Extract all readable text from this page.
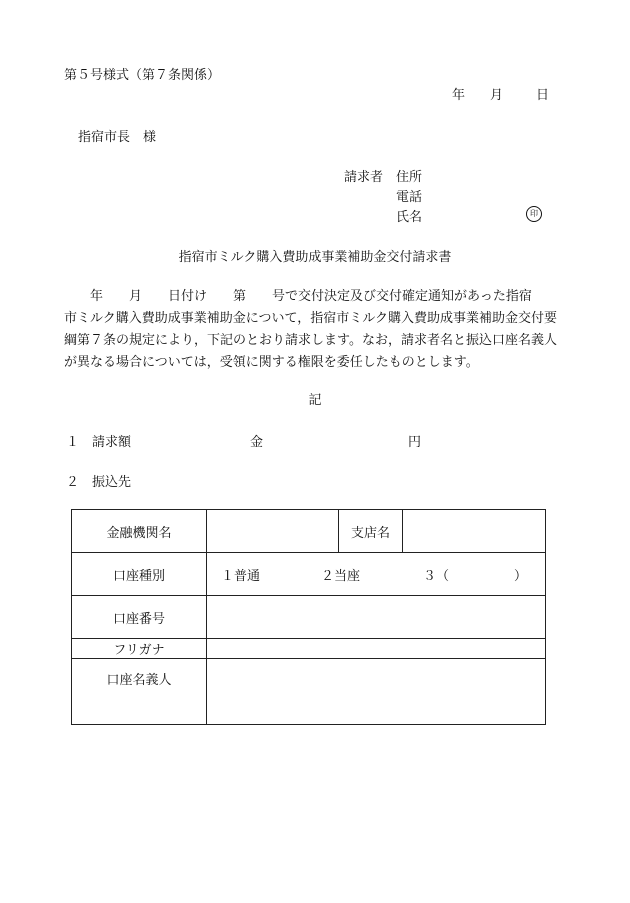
第５号様式（第７条関係）
年 月	日
指宿市長　様
請求者 住所
電話
氏名	印
指宿市ミルク購入費助成事業補助金交付請求書
　　年　　月　　日付け　　第　　号で交付決定及び交付確定通知があった指宿
市ミルク購入費助成事業補助金について，指宿市ミルク購入費助成事業補助金交付要
綱第７条の規定により，下記のとおり請求します。なお，請求者名と振込口座名義人
が異なる場合については，受領に関する権限を委任したものとします。
記
１　請求額	金	円
２　振込先
金融機関名		支店名	
口座種別	１普通 ２当座 ３（　　　　　）		
口座番号			
フリガナ			
口座名義人			
